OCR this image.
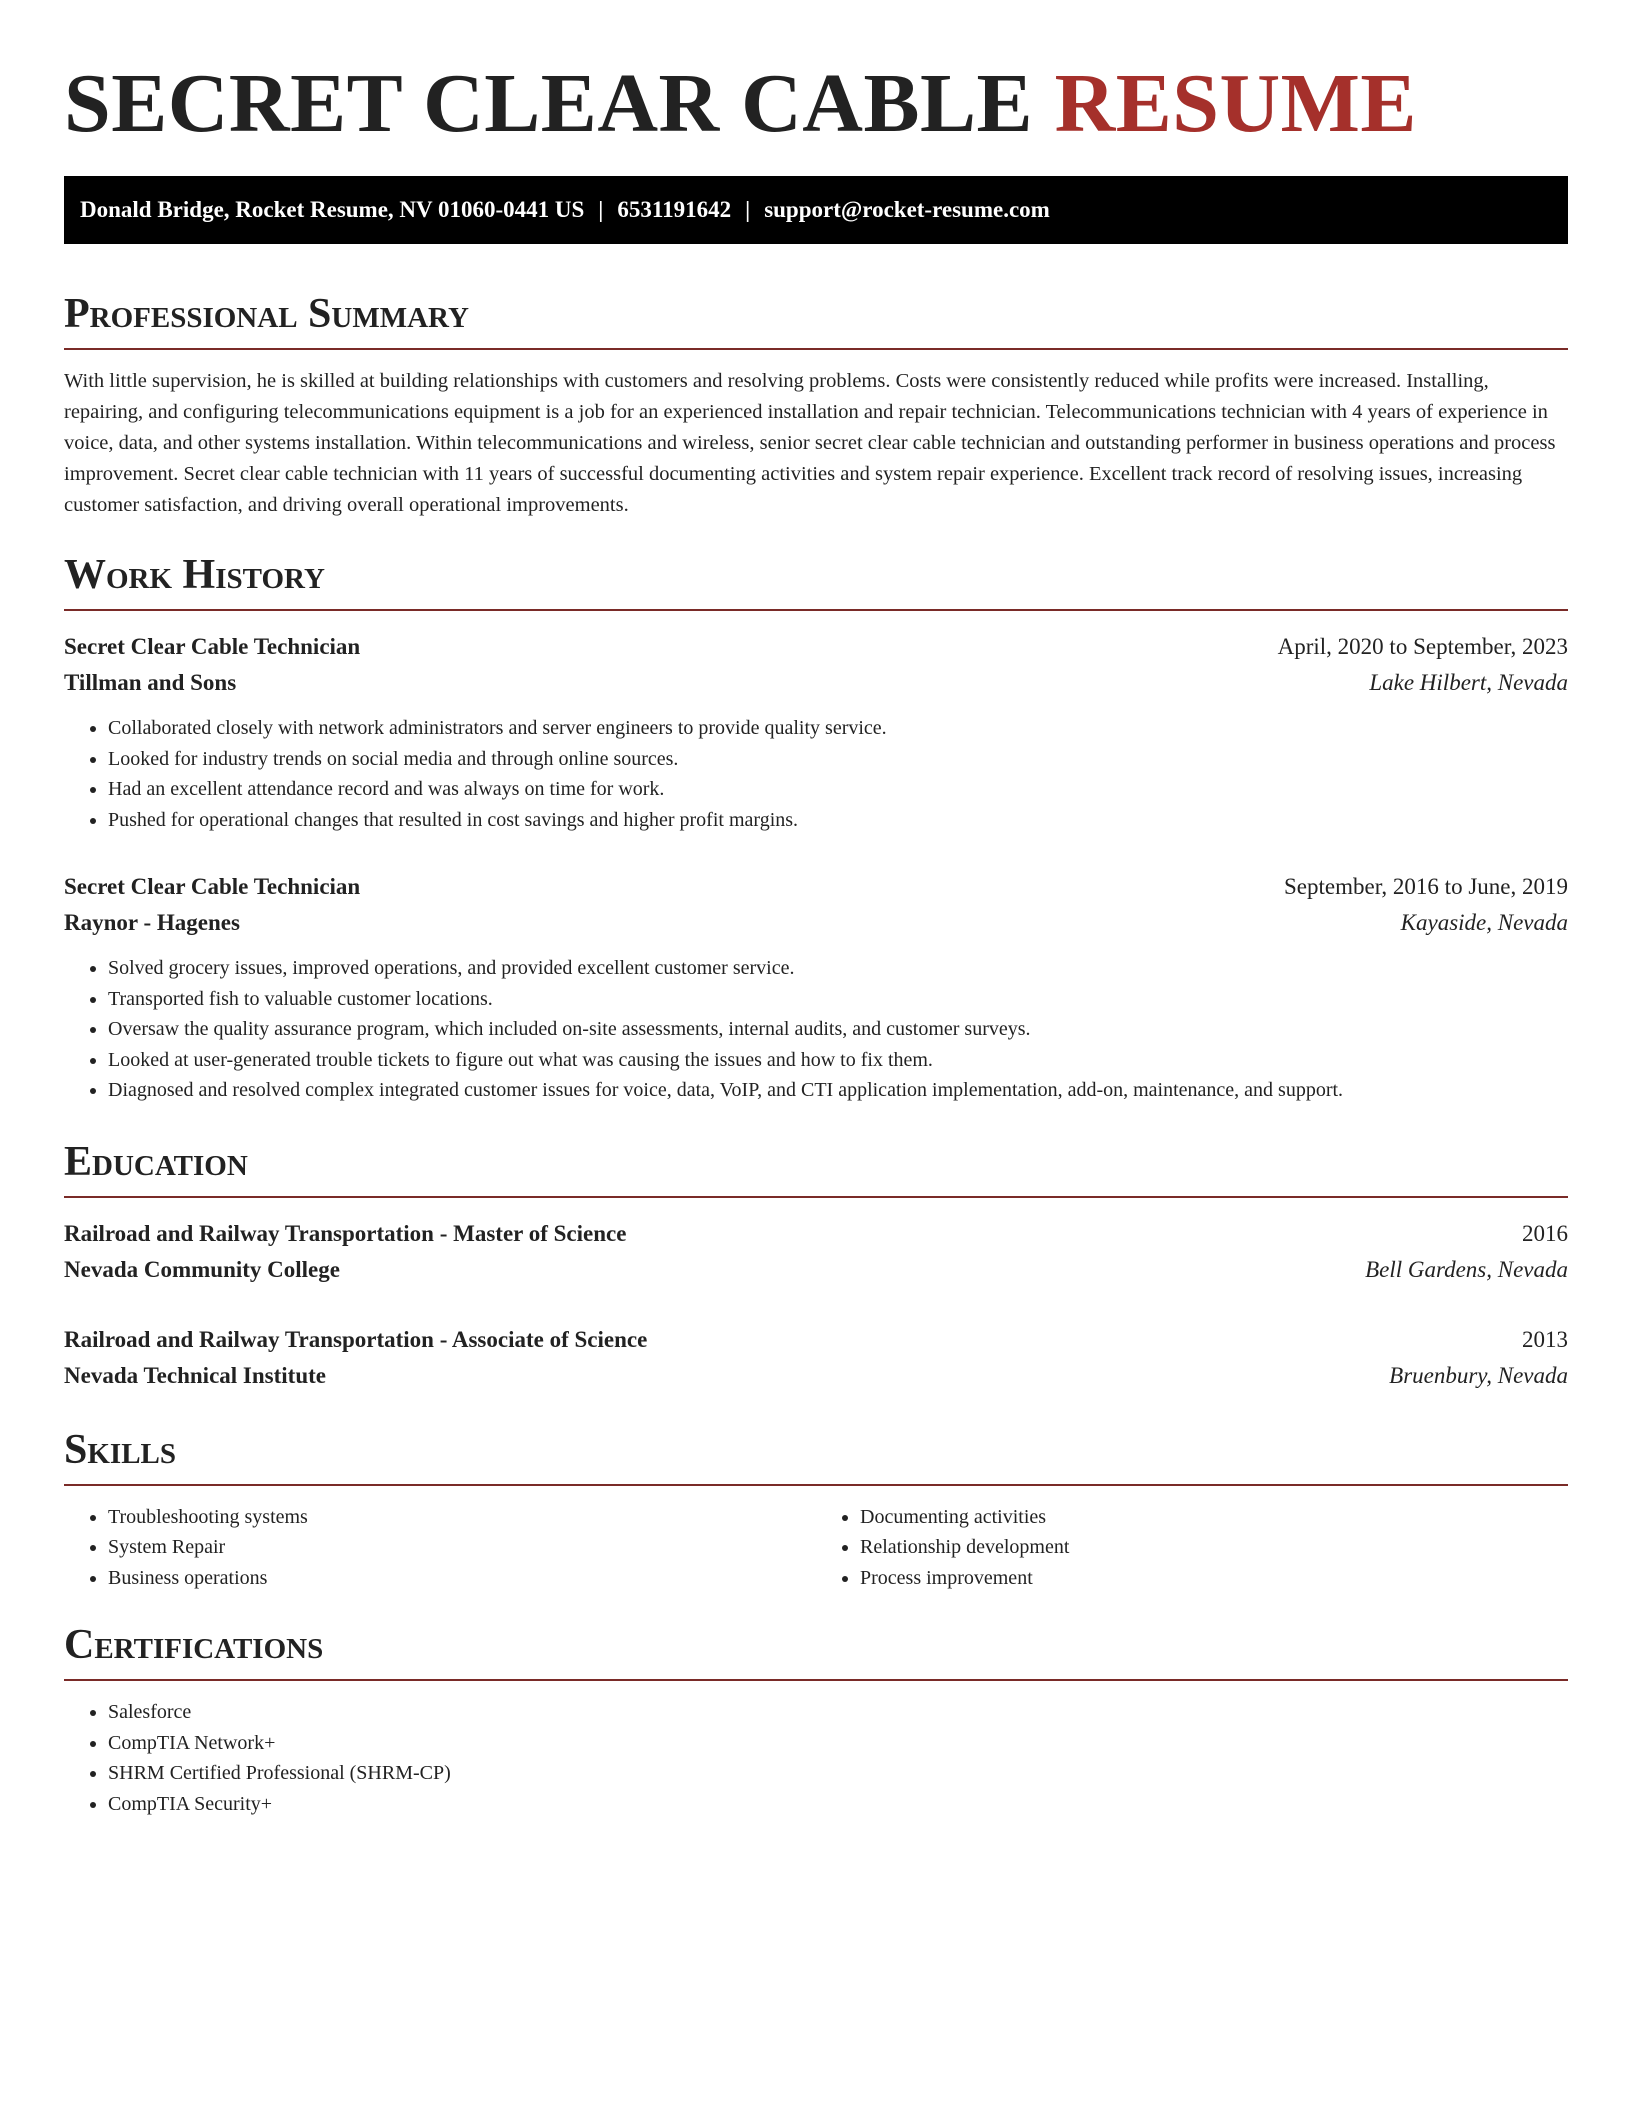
SECRET CLEAR CABLE RESUME
Donald Bridge, Rocket Resume, NV 01060-0441 US | 6531191642 | support@rocket-resume.com
Professional Summary

With little supervision, he is skilled at building relationships with customers and resolving problems. Costs were consistently reduced while profits were increased. Installing, repairing, and configuring telecommunications equipment is a job for an experienced installation and repair technician. Telecommunications technician with 4 years of experience in voice, data, and other systems installation. Within telecommunications and wireless, senior secret clear cable technician and outstanding performer in business operations and process improvement. Secret clear cable technician with 11 years of successful documenting activities and system repair experience. Excellent track record of resolving issues, increasing customer satisfaction, and driving overall operational improvements.

Work History
Secret Clear Cable Technician	April, 2020 to September, 2023
Tillman and Sons	Lake Hilbert, Nevada
• Collaborated closely with network administrators and server engineers to provide quality service.
• Looked for industry trends on social media and through online sources.
• Had an excellent attendance record and was always on time for work.
• Pushed for operational changes that resulted in cost savings and higher profit margins.
Secret Clear Cable Technician	September, 2016 to June, 2019
Raynor - Hagenes	Kayaside, Nevada
• Solved grocery issues, improved operations, and provided excellent customer service.
• Transported fish to valuable customer locations.
• Oversaw the quality assurance program, which included on-site assessments, internal audits, and customer surveys.
• Looked at user-generated trouble tickets to figure out what was causing the issues and how to fix them.
• Diagnosed and resolved complex integrated customer issues for voice, data, VoIP, and CTI application implementation, add-on, maintenance, and support.
Education
Railroad and Railway Transportation - Master of Science	2016
Nevada Community College	Bell Gardens, Nevada
Railroad and Railway Transportation - Associate of Science	2013
Nevada Technical Institute	Bruenbury, Nevada
Skills
• Troubleshooting systems
• System Repair
• Business operations
• Documenting activities
• Relationship development
• Process improvement
Certifications
• Salesforce
• CompTIA Network+
• SHRM Certified Professional (SHRM-CP)
• CompTIA Security+
